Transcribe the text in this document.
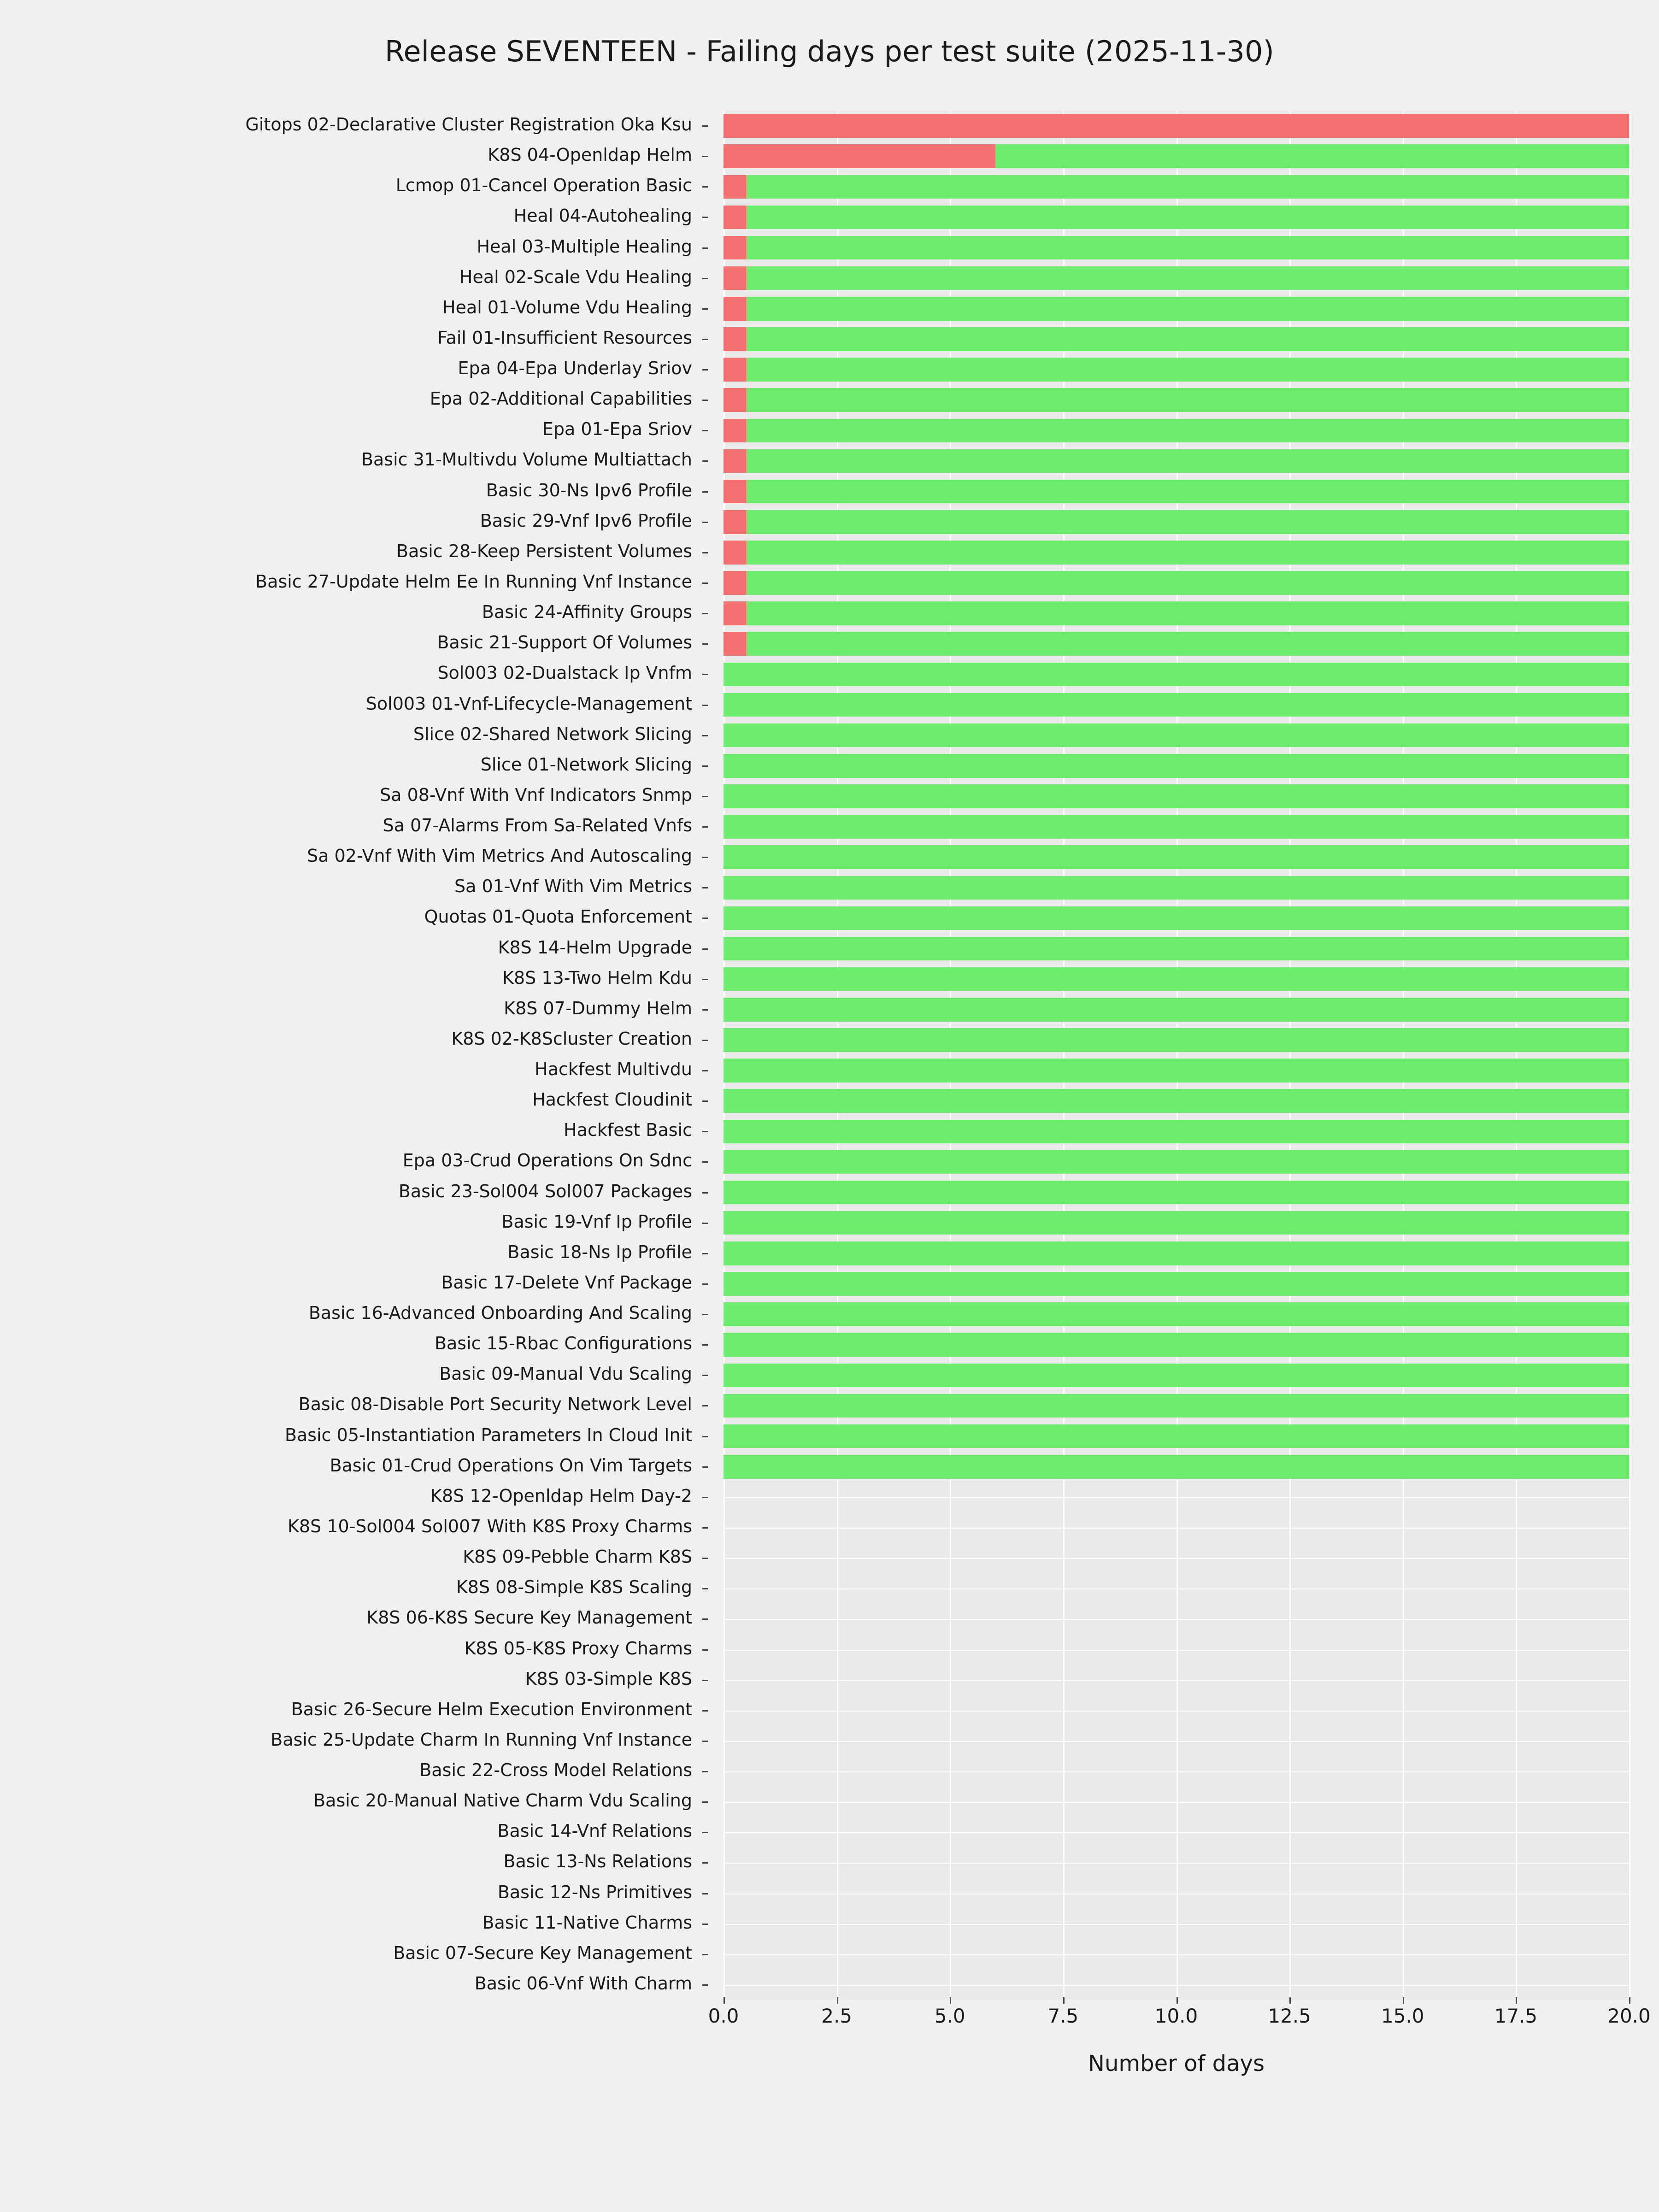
Release SEVENTEEN - Failing days per test suite (2025-11-30)
Gitops 02-Declarative Cluster Registration Oka Ksu
K8S 04-Openldap Helm
Lcmop 01-Cancel Operation Basic
Heal 04-Autohealing
Heal 03-Multiple Healing
Heal 02-Scale Vdu Healing
Heal 01-Volume Vdu Healing
Fail 01-Insufficient Resources
Epa 04-Epa Underlay Sriov
Epa 02-Additional Capabilities
Epa 01-Epa Sriov
Basic 31-Multivdu Volume Multiattach
Basic 30-Ns Ipv6 Profile
Basic 29-Vnf Ipv6 Profile
Basic 28-Keep Persistent Volumes
Basic 27-Update Helm Ee In Running Vnf Instance
Basic 24-Affinity Groups
Basic 21-Support Of Volumes
Sol003 02-Dualstack Ip Vnfm
Sol003 01-Vnf-Lifecycle-Management
Slice 02-Shared Network Slicing
Slice 01-Network Slicing
Sa 08-Vnf With Vnf Indicators Snmp
Sa 07-Alarms From Sa-Related Vnfs
Sa 02-Vnf With Vim Metrics And Autoscaling
Sa 01-Vnf With Vim Metrics
Quotas 01-Quota Enforcement
K8S 14-Helm Upgrade
K8S 13-Two Helm Kdu
K8S 07-Dummy Helm
K8S 02-K8Scluster Creation
Hackfest Multivdu
Hackfest Cloudinit
Hackfest Basic
Epa 03-Crud Operations On Sdnc
Basic 23-Sol004 Sol007 Packages
Basic 19-Vnf Ip Profile
Basic 18-Ns Ip Profile
Basic 17-Delete Vnf Package
Basic 16-Advanced Onboarding And Scaling
Basic 15-Rbac Configurations
Basic 09-Manual Vdu Scaling
Basic 08-Disable Port Security Network Level
Basic 05-Instantiation Parameters In Cloud Init
Basic 01-Crud Operations On Vim Targets
K8S 12-Openldap Helm Day-2
K8S 10-Sol004 Sol007 With K8S Proxy Charms
K8S 09-Pebble Charm K8S
K8S 08-Simple K8S Scaling
K8S 06-K8S Secure Key Management
K8S 05-K8S Proxy Charms
K8S 03-Simple K8S
Basic 26-Secure Helm Execution Environment
Basic 25-Update Charm In Running Vnf Instance
Basic 22-Cross Model Relations
Basic 20-Manual Native Charm Vdu Scaling
Basic 14-Vnf Relations
Basic 13-Ns Relations
Basic 12-Ns Primitives
Basic 11-Native Charms
Basic 07-Secure Key Management
Basic 06-Vnf With Charm
0.0	2.5	5.0	7.5	10.0	12.5	15.0	17.5	20.0
Number of days
